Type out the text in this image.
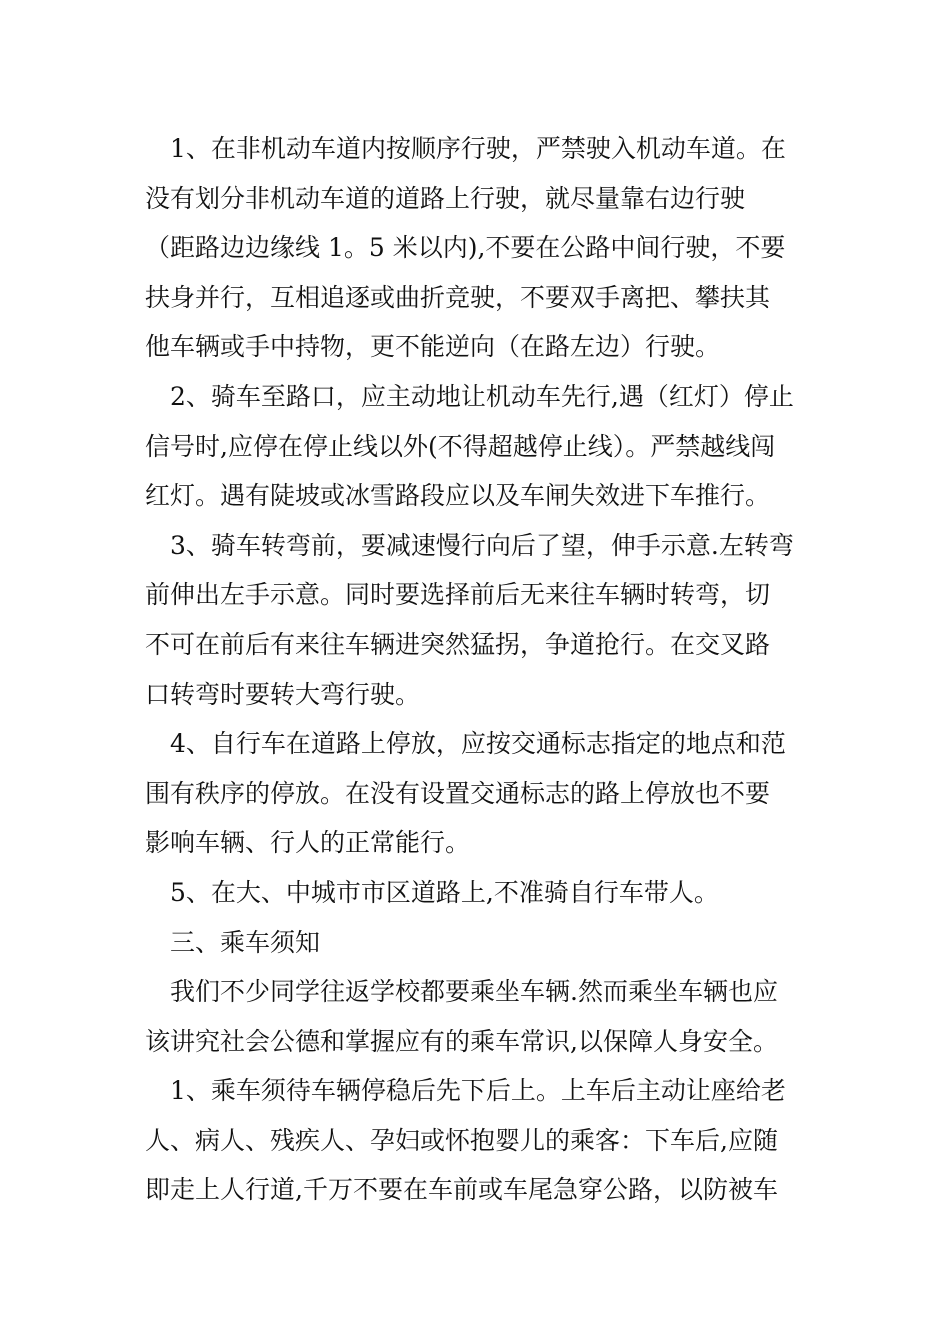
　1、在非机动车道内按顺序行驶，严禁驶入机动车道。在
没有划分非机动车道的道路上行驶，就尽量靠右边行驶
（距路边边缘线 1。5 米以内),不要在公路中间行驶，不要
扶身并行，互相追逐或曲折竞驶，不要双手离把、攀扶其
他车辆或手中持物，更不能逆向（在路左边）行驶。
　2、骑车至路口，应主动地让机动车先行,遇（红灯）停止
信号时,应停在停止线以外(不得超越停止线）。严禁越线闯
红灯。遇有陡坡或冰雪路段应以及车闸失效进下车推行。
　3、骑车转弯前，要减速慢行向后了望，伸手示意.左转弯
前伸出左手示意。同时要选择前后无来往车辆时转弯，切
不可在前后有来往车辆进突然猛拐，争道抢行。在交叉路
口转弯时要转大弯行驶。
　4、自行车在道路上停放，应按交通标志指定的地点和范
围有秩序的停放。在没有设置交通标志的路上停放也不要
影响车辆、行人的正常能行。
　5、在大、中城市市区道路上,不准骑自行车带人。
　三、乘车须知
　我们不少同学往返学校都要乘坐车辆.然而乘坐车辆也应
该讲究社会公德和掌握应有的乘车常识,以保障人身安全。
　1、乘车须待车辆停稳后先下后上。上车后主动让座给老
人、病人、残疾人、孕妇或怀抱婴儿的乘客：下车后,应随
即走上人行道,千万不要在车前或车尾急穿公路，以防被车
